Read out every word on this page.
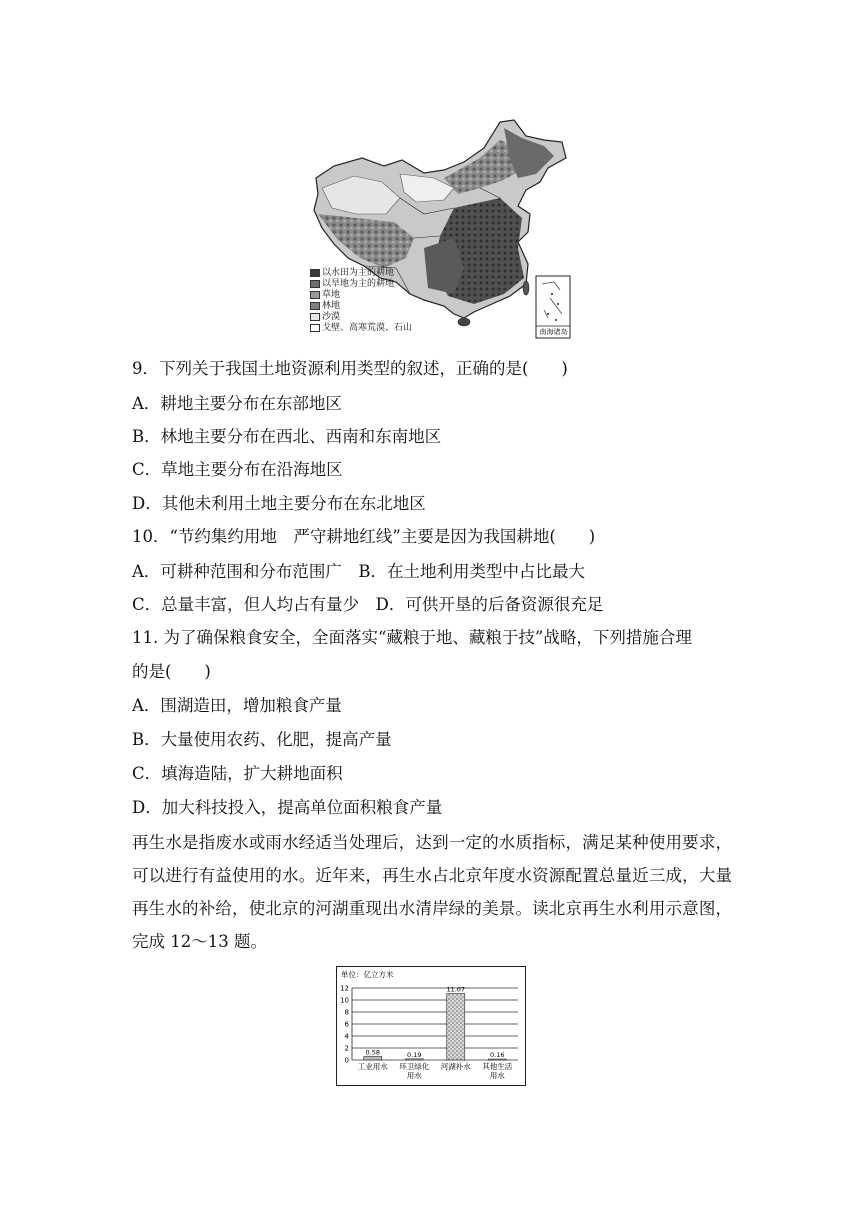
南海诸岛
以水田为主的耕地
以旱地为主的耕地
草地
林地
沙漠
戈壁、高寒荒漠、石山
9．下列关于我国土地资源利用类型的叙述，正确的是(　　)
A．耕地主要分布在东部地区
B．林地主要分布在西北、西南和东南地区
C．草地主要分布在沿海地区
D．其他未利用土地主要分布在东北地区
10．“节约集约用地　严守耕地红线”主要是因为我国耕地(　　)
A．可耕种范围和分布范围广　B．在土地利用类型中占比最大
C．总量丰富，但人均占有量少　D．可供开垦的后备资源很充足
11. 为了确保粮食安全，全面落实“藏粮于地、藏粮于技”战略，下列措施合理
的是(　　)
A．围湖造田，增加粮食产量
B．大量使用农药、化肥，提高产量
C．填海造陆，扩大耕地面积
D．加大科技投入，提高单位面积粮食产量
再生水是指废水或雨水经适当处理后，达到一定的水质指标，满足某种使用要求，可以进行有益使用的水。近年来，再生水占北京年度水资源配置总量近三成，大量再生水的补给，使北京的河湖重现出水清岸绿的美景。读北京再生水利用示意图，完成 12～13 题。
单位：亿立方米
0
2
4
6
8
10
12
0.58
工业用水
0.19
环卫绿化
用水
11.07
河湖补水
0.16
其他生活
用水
